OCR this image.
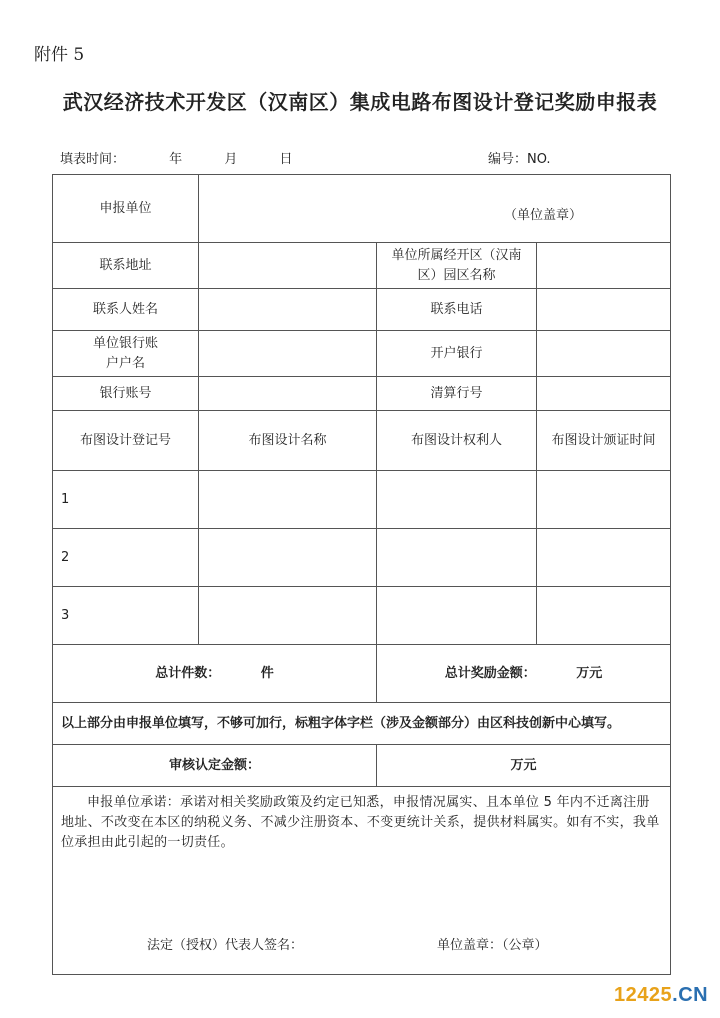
附件 5
武汉经济技术开发区（汉南区）集成电路布图设计登记奖励申报表
填表时间：	年	月	日	编号：NO.
申报单位	（单位盖章）		

联系地址		单位所属经开区（汉南区）园区名称	
联系人姓名		联系电话	
单位银行账户户名		开户银行	
银行账号		清算行号	
布图设计登记号	布图设计名称	布图设计权利人	布图设计颁证时间
1			
2			
3			
总计件数： 件		总计奖励金额： 万元	
以上部分由申报单位填写，不够可加行，标粗字体字栏（涉及金额部分）由区科技创新中心填写。			
审核认定金额：		万元	

申报单位承诺：承诺对相关奖励政策及约定已知悉，申报情况属实、且本单位 5 年内不迁离注册地址、不改变在本区的纳税义务、不减少注册资本、不变更统计关系，提供材料属实。如有不实，我单位承担由此引起的一切责任。
法定（授权）代表人签名： 单位盖章：（公章）			
12425.CN
